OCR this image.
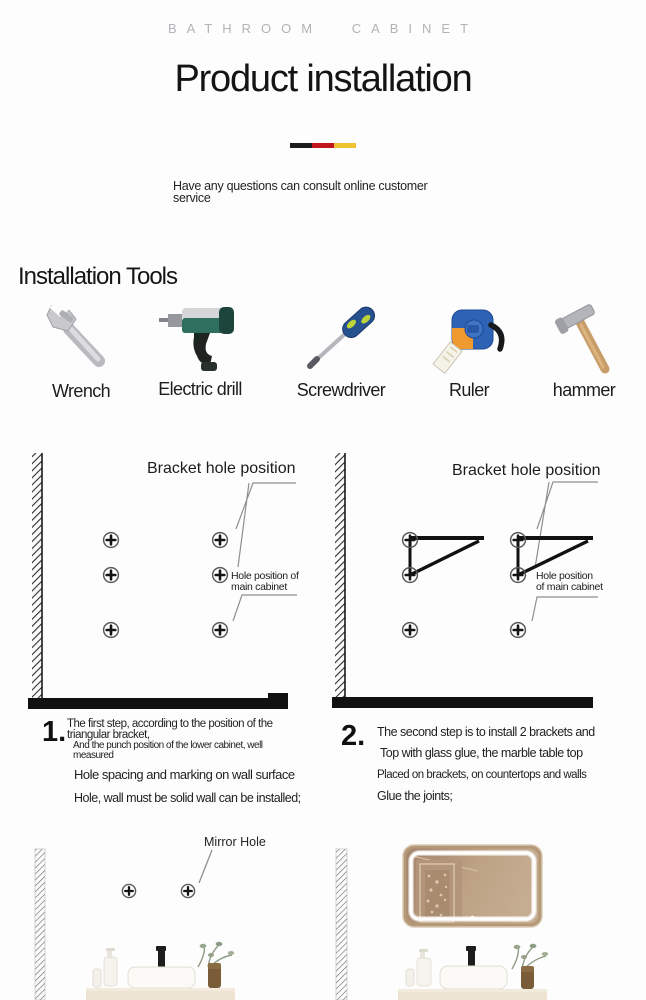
BATHROOM CABINET
Product installation
Have any questions can consult online customer service
Installation Tools
Bracket hole position
Hole position of
main cabinet
Bracket hole position
Hole position
of main cabinet
1. The first step, according to the position of the
triangular bracket,
And the punch position of the lower cabinet, well
measured
Hole spacing and marking on wall surface
Hole, wall must be solid wall can be installed;
2. The second step is to install 2 brackets and
Top with glass glue, the marble table top
Placed on brackets, on countertops and walls
Glue the joints;
Mirror Hole
Wrench	Electric drill	Screwdriver	Ruler	hammer
